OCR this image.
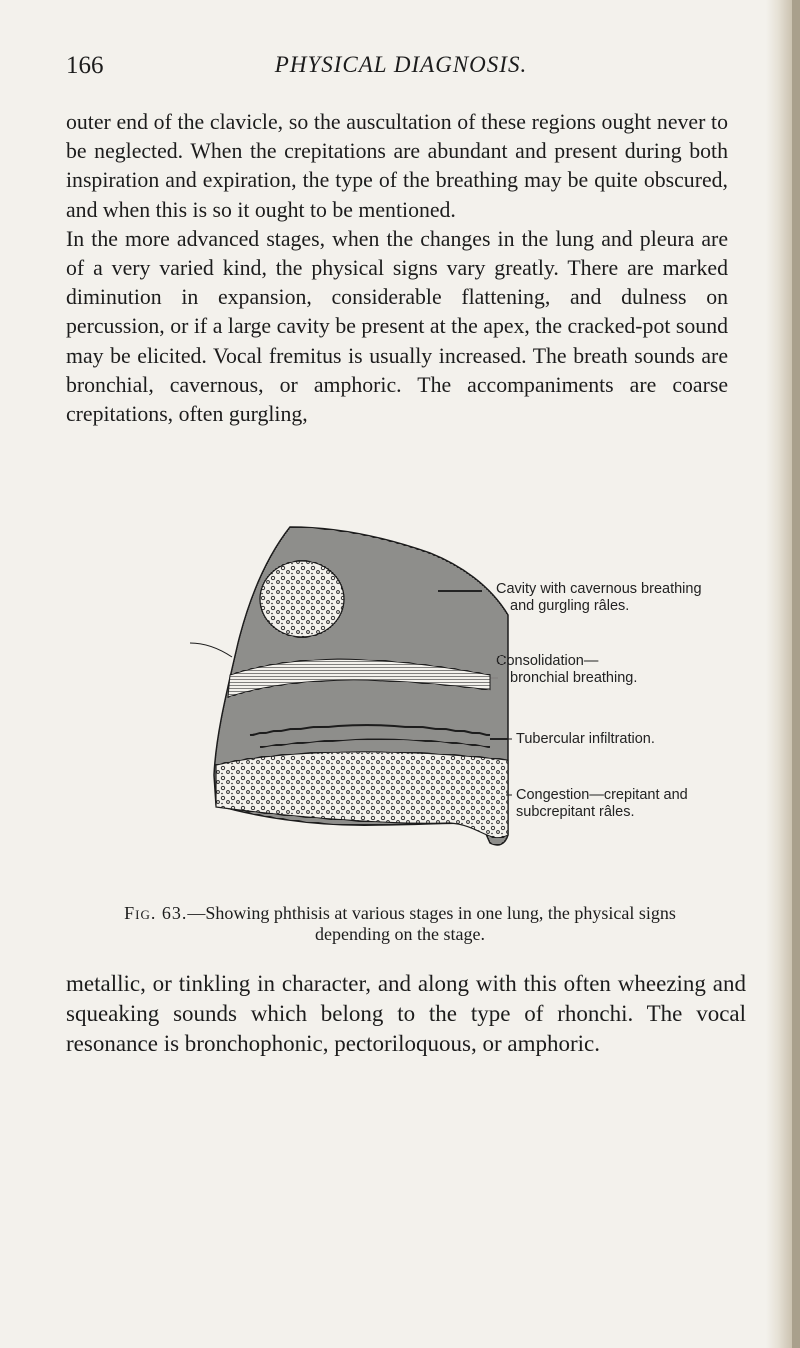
166	PHYSICAL DIAGNOSIS.
outer end of the clavicle, so the auscultation of these regions ought never to be neglected. When the crepitations are abundant and present during both inspiration and expiration, the type of the breathing may be quite obscured, and when this is so it ought to be mentioned.
In the more advanced stages, when the changes in the lung and pleura are of a very varied kind, the physical signs vary greatly. There are marked diminution in expansion, considerable flattening, and dulness on percussion, or if a large cavity be present at the apex, the cracked-pot sound may be elicited. Vocal fremitus is usually increased. The breath sounds are bronchial, cavernous, or amphoric. The accompaniments are coarse crepitations, often gurgling,
Cavity with cavernous breathing
and gurgling râles.
Consolidation—
bronchial breathing.
Tubercular infiltration.
Congestion—crepitant and
subcrepitant râles.
Fig. 63.—Showing phthisis at various stages in one lung, the physical signs depending on the stage.
metallic, or tinkling in character, and along with this often wheezing and squeaking sounds which belong to the type of rhonchi. The vocal resonance is bronchophonic, pectoriloquous, or amphoric.
